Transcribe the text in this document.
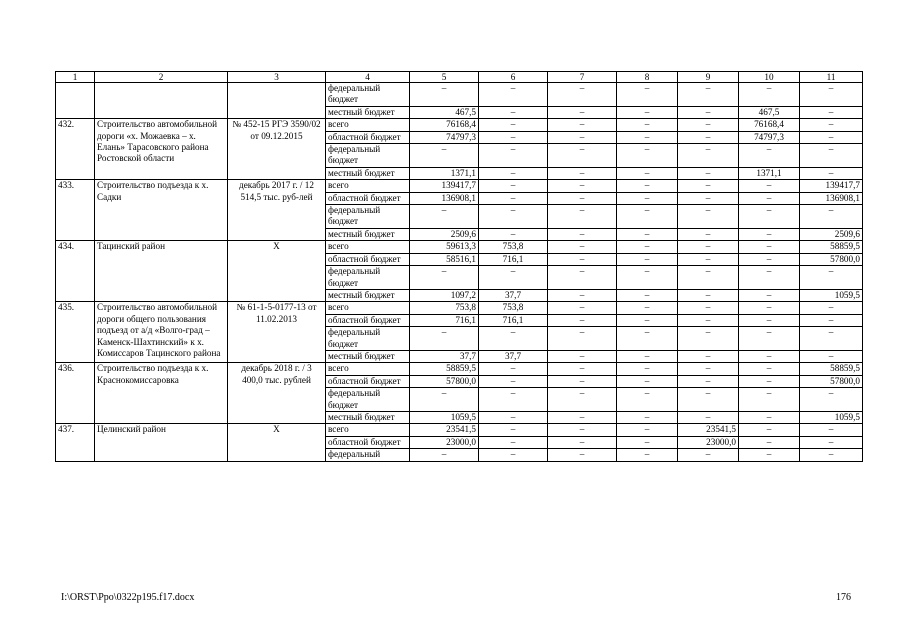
1	2	3	4	5	6	7	8	9	10	11
			федеральный бюджет	–	–	–	–	–	–	–
			местный бюджет	467,5	–	–	–	–	467,5	–
432.	Строительство автомобильной дороги «х. Можаевка – х. Елань» Тарасовского района Ростовской области	№ 452-15 РГЭ 3590/02 от 09.12.2015	всего	76168,4	–	–	–	–	76168,4	–
			областной бюджет	74797,3	–	–	–	–	74797,3	–
			федеральный бюджет	–	–	–	–	–	–	–
			местный бюджет	1371,1	–	–	–	–	1371,1	–
433.	Строительство подъезда к х. Садки	декабрь 2017 г. / 12 514,5 тыс. руб-лей	всего	139417,7	–	–	–	–	–	139417,7
			областной бюджет	136908,1	–	–	–	–	–	136908,1
			федеральный бюджет	–	–	–	–	–	–	–
			местный бюджет	2509,6	–	–	–	–	–	2509,6
434.	Тацинский район	Х	всего	59613,3	753,8	–	–	–	–	58859,5
			областной бюджет	58516,1	716,1	–	–	–	–	57800,0
			федеральный бюджет	–	–	–	–	–	–	–
			местный бюджет	1097,2	37,7	–	–	–	–	1059,5
435.	Строительство автомобильной дороги общего пользования подъезд от а/д «Волго-град – Каменск-Шахтинский» к х. Комиссаров Тацинского района	№ 61-1-5-0177-13 от 11.02.2013	всего	753,8	753,8	–	–	–	–	–
			областной бюджет	716,1	716,1	–	–	–	–	–
			федеральный бюджет	–	–	–	–	–	–	–
			местный бюджет	37,7	37,7	–	–	–	–	–
436.	Строительство подъезда к х. Краснокомиссаровка	декабрь 2018 г. / 3 400,0 тыс. рублей	всего	58859,5	–	–	–	–	–	58859,5
			областной бюджет	57800,0	–	–	–	–	–	57800,0
			федеральный бюджет	–	–	–	–	–	–	–
			местный бюджет	1059,5	–	–	–	–	–	1059,5
437.	Целинский район	Х	всего	23541,5	–	–	–	23541,5	–	–
			областной бюджет	23000,0	–	–	–	23000,0	–	–
			федеральный	–	–	–	–	–	–	–
I:\ORST\Ppo\0322p195.f17.docx	176
